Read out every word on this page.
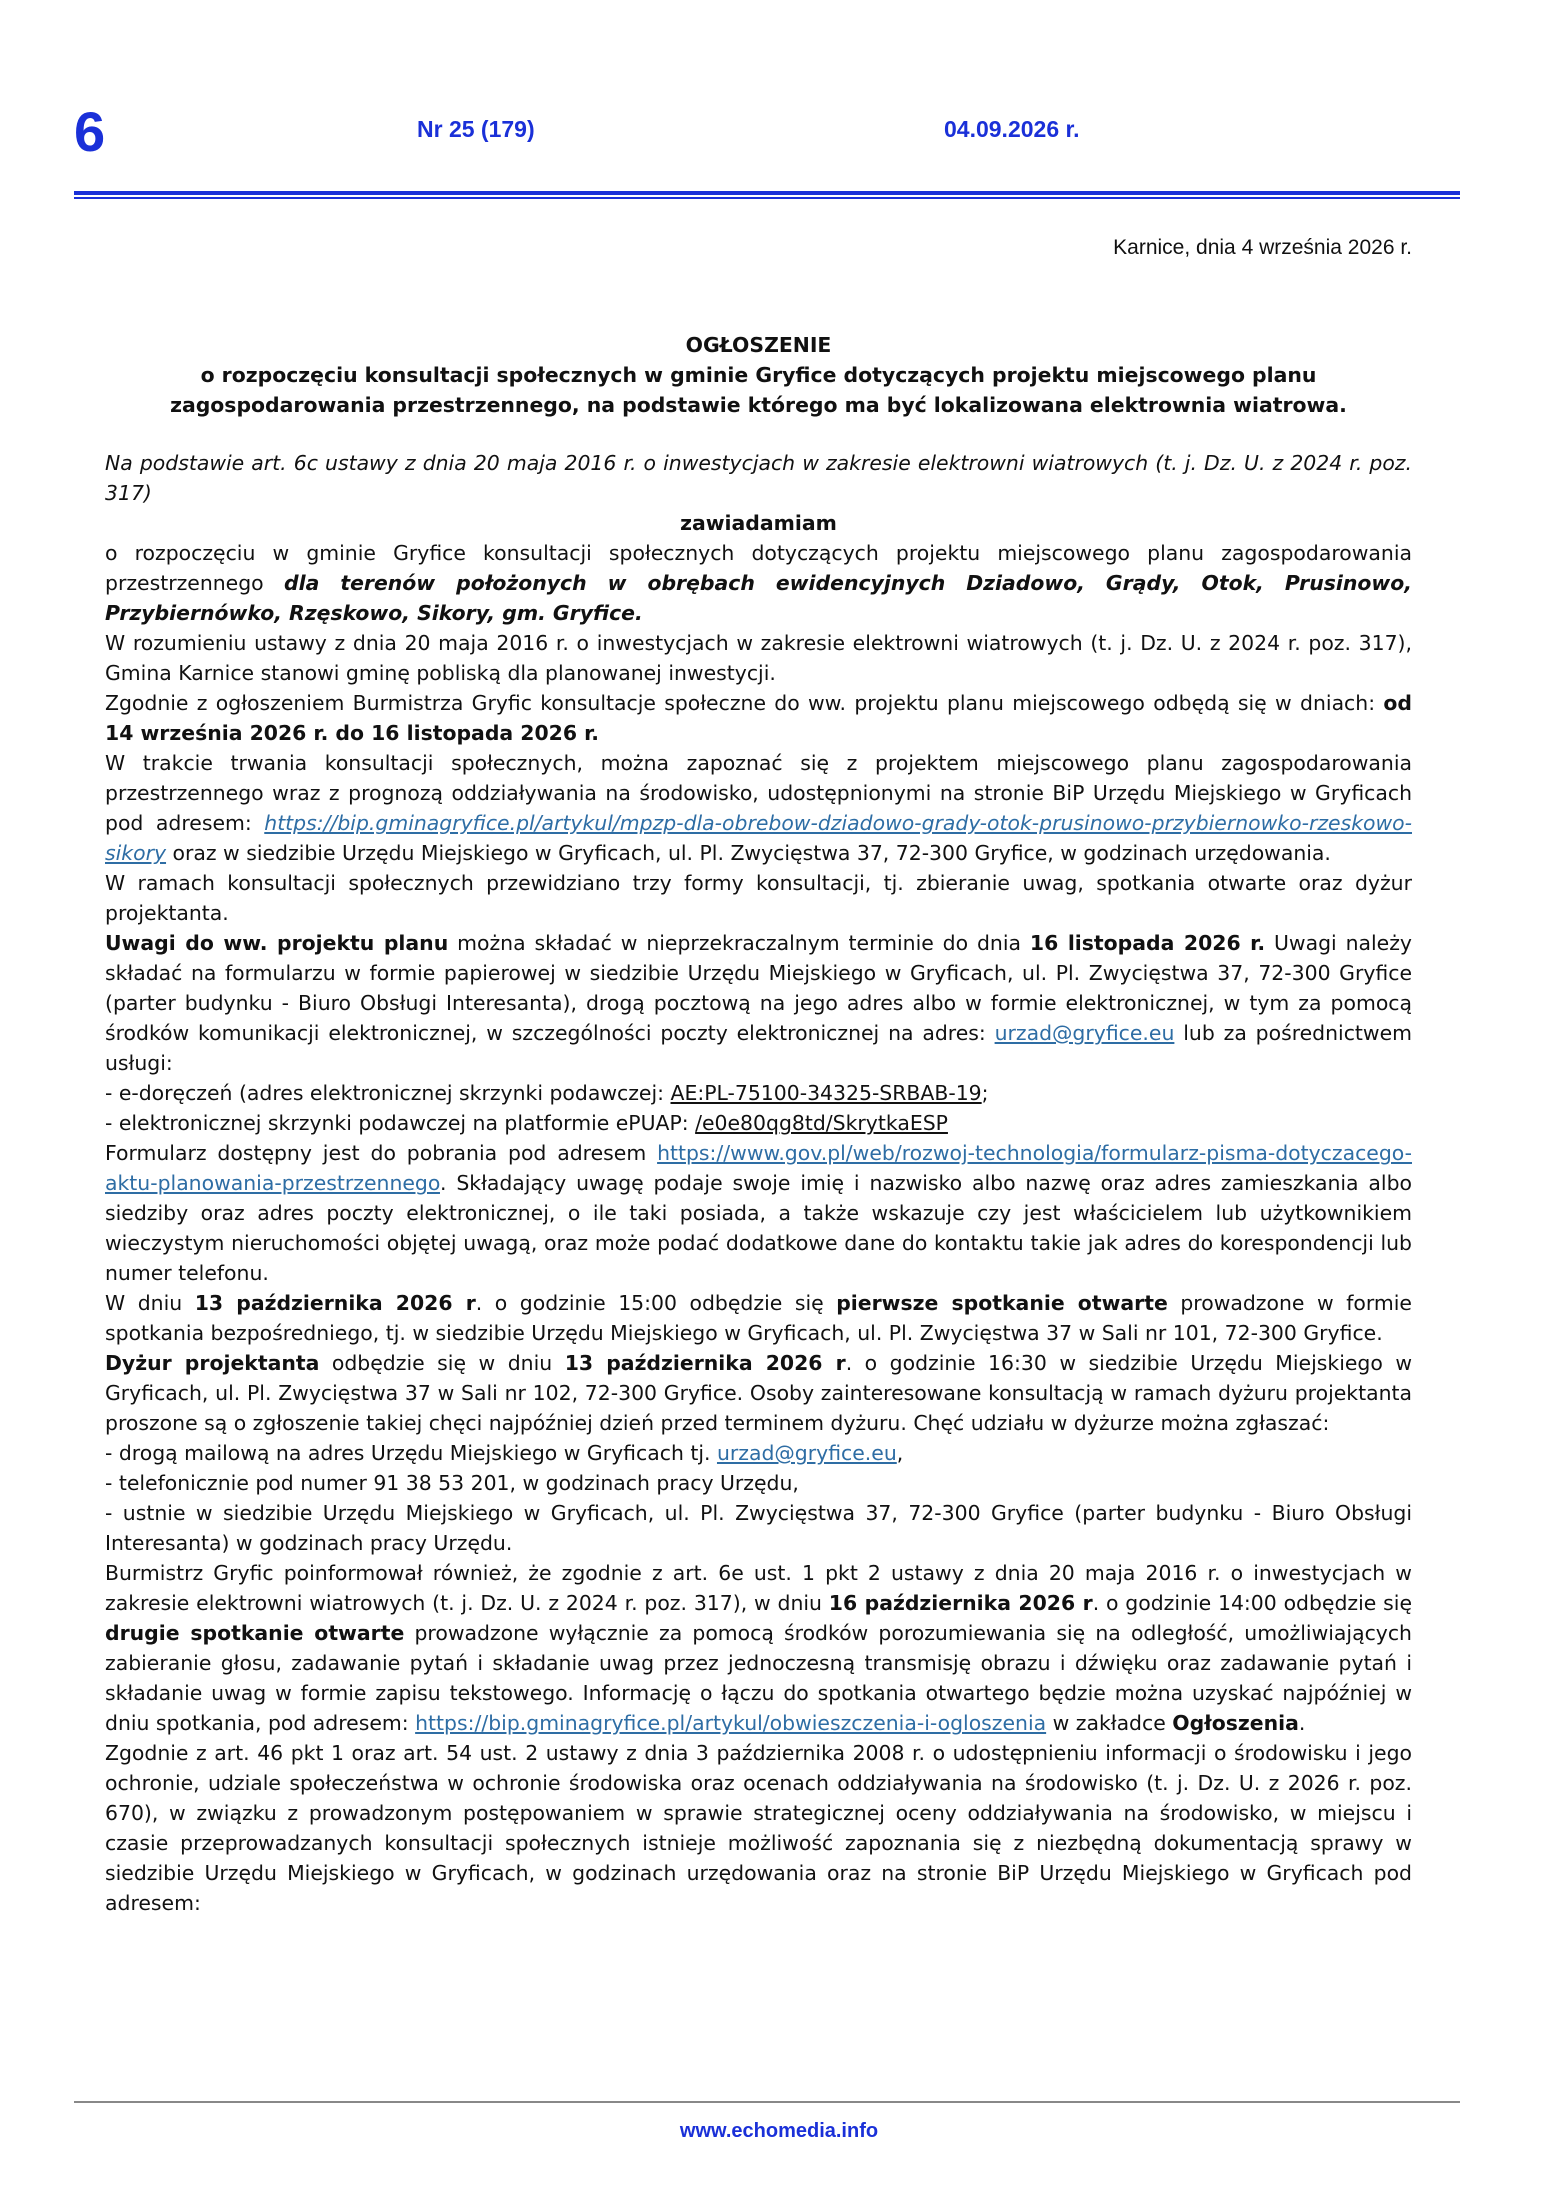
6	Nr 25 (179)	04.09.2026 r.
Karnice, dnia 4 września 2026 r.

OGŁOSZENIE

o rozpoczęciu konsultacji społecznych w gminie Gryfice dotyczących projektu miejscowego planu zagospodarowania przestrzennego, na podstawie którego ma być lokalizowana elektrownia wiatrowa.

Na podstawie art. 6c ustawy z dnia 20 maja 2016 r. o inwestycjach w zakresie elektrowni wiatrowych (t. j. Dz. U. z 2024 r. poz. 317)

zawiadamiam

o rozpoczęciu w gminie Gryfice konsultacji społecznych dotyczących projektu miejscowego planu zagospodarowania przestrzennego dla terenów położonych w obrębach ewidencyjnych Dziadowo, Grądy, Otok, Prusinowo, Przybiernówko, Rzęskowo, Sikory, gm. Gryfice.

W rozumieniu ustawy z dnia 20 maja 2016 r. o inwestycjach w zakresie elektrowni wiatrowych (t. j. Dz. U. z 2024 r. poz. 317), Gmina Karnice stanowi gminę pobliską dla planowanej inwestycji.

Zgodnie z ogłoszeniem Burmistrza Gryfic konsultacje społeczne do ww. projektu planu miejscowego odbędą się w dniach: od 14 września 2026 r. do 16 listopada 2026 r.

W trakcie trwania konsultacji społecznych, można zapoznać się z projektem miejscowego planu zagospodarowania przestrzennego wraz z prognozą oddziaływania na środowisko, udostępnionymi na stronie BiP Urzędu Miejskiego w Gryficach pod adresem: https://bip.gminagryfice.pl/artykul/mpzp-dla-obrebow-dziadowo-grady-otok-prusinowo-przybiernowko-rzeskowo-sikory oraz w siedzibie Urzędu Miejskiego w Gryficach, ul. Pl. Zwycięstwa 37, 72-300 Gryfice, w godzinach urzędowania.

W ramach konsultacji społecznych przewidziano trzy formy konsultacji, tj. zbieranie uwag, spotkania otwarte oraz dyżur projektanta.

Uwagi do ww. projektu planu można składać w nieprzekraczalnym terminie do dnia 16 listopada 2026 r. Uwagi należy składać na formularzu w formie papierowej w siedzibie Urzędu Miejskiego w Gryficach, ul. Pl. Zwycięstwa 37, 72-300 Gryfice (parter budynku - Biuro Obsługi Interesanta), drogą pocztową na jego adres albo w formie elektronicznej, w tym za pomocą środków komunikacji elektronicznej, w szczególności poczty elektronicznej na adres: urzad@gryfice.eu lub za pośrednictwem usługi:

- e-doręczeń (adres elektronicznej skrzynki podawczej: AE:PL-75100-34325-SRBAB-19;

- elektronicznej skrzynki podawczej na platformie ePUAP: /e0e80qg8td/SkrytkaESP

Formularz dostępny jest do pobrania pod adresem https://www.gov.pl/web/rozwoj-technologia/formularz-pisma-dotyczacego-aktu-planowania-przestrzennego. Składający uwagę podaje swoje imię i nazwisko albo nazwę oraz adres zamieszkania albo siedziby oraz adres poczty elektronicznej, o ile taki posiada, a także wskazuje czy jest właścicielem lub użytkownikiem wieczystym nieruchomości objętej uwagą, oraz może podać dodatkowe dane do kontaktu takie jak adres do korespondencji lub numer telefonu.

W dniu 13 października 2026 r. o godzinie 15:00 odbędzie się pierwsze spotkanie otwarte prowadzone w formie spotkania bezpośredniego, tj. w siedzibie Urzędu Miejskiego w Gryficach, ul. Pl. Zwycięstwa 37 w Sali nr 101, 72-300 Gryfice.

Dyżur projektanta odbędzie się w dniu 13 października 2026 r. o godzinie 16:30 w siedzibie Urzędu Miejskiego w Gryficach, ul. Pl. Zwycięstwa 37 w Sali nr 102, 72-300 Gryfice. Osoby zainteresowane konsultacją w ramach dyżuru projektanta proszone są o zgłoszenie takiej chęci najpóźniej dzień przed terminem dyżuru. Chęć udziału w dyżurze można zgłaszać:

- drogą mailową na adres Urzędu Miejskiego w Gryficach tj. urzad@gryfice.eu,

- telefonicznie pod numer 91 38 53 201, w godzinach pracy Urzędu,

- ustnie w siedzibie Urzędu Miejskiego w Gryficach, ul. Pl. Zwycięstwa 37, 72-300 Gryfice (parter budynku - Biuro Obsługi Interesanta) w godzinach pracy Urzędu.

Burmistrz Gryfic poinformował również, że zgodnie z art. 6e ust. 1 pkt 2 ustawy z dnia 20 maja 2016 r. o inwestycjach w zakresie elektrowni wiatrowych (t. j. Dz. U. z 2024 r. poz. 317), w dniu 16 października 2026 r. o godzinie 14:00 odbędzie się drugie spotkanie otwarte prowadzone wyłącznie za pomocą środków porozumiewania się na odległość, umożliwiających zabieranie głosu, zadawanie pytań i składanie uwag przez jednoczesną transmisję obrazu i dźwięku oraz zadawanie pytań i składanie uwag w formie zapisu tekstowego. Informację o łączu do spotkania otwartego będzie można uzyskać najpóźniej w dniu spotkania, pod adresem: https://bip.gminagryfice.pl/artykul/obwieszczenia-i-ogloszenia w zakładce Ogłoszenia.

Zgodnie z art. 46 pkt 1 oraz art. 54 ust. 2 ustawy z dnia 3 października 2008 r. o udostępnieniu informacji o środowisku i jego ochronie, udziale społeczeństwa w ochronie środowiska oraz ocenach oddziaływania na środowisko (t. j. Dz. U. z 2026 r. poz. 670), w związku z prowadzonym postępowaniem w sprawie strategicznej oceny oddziaływania na środowisko, w miejscu i czasie przeprowadzanych konsultacji społecznych istnieje możliwość zapoznania się z niezbędną dokumentacją sprawy w siedzibie Urzędu Miejskiego w Gryficach, w godzinach urzędowania oraz na stronie BiP Urzędu Miejskiego w Gryficach pod adresem:

www.echomedia.info
